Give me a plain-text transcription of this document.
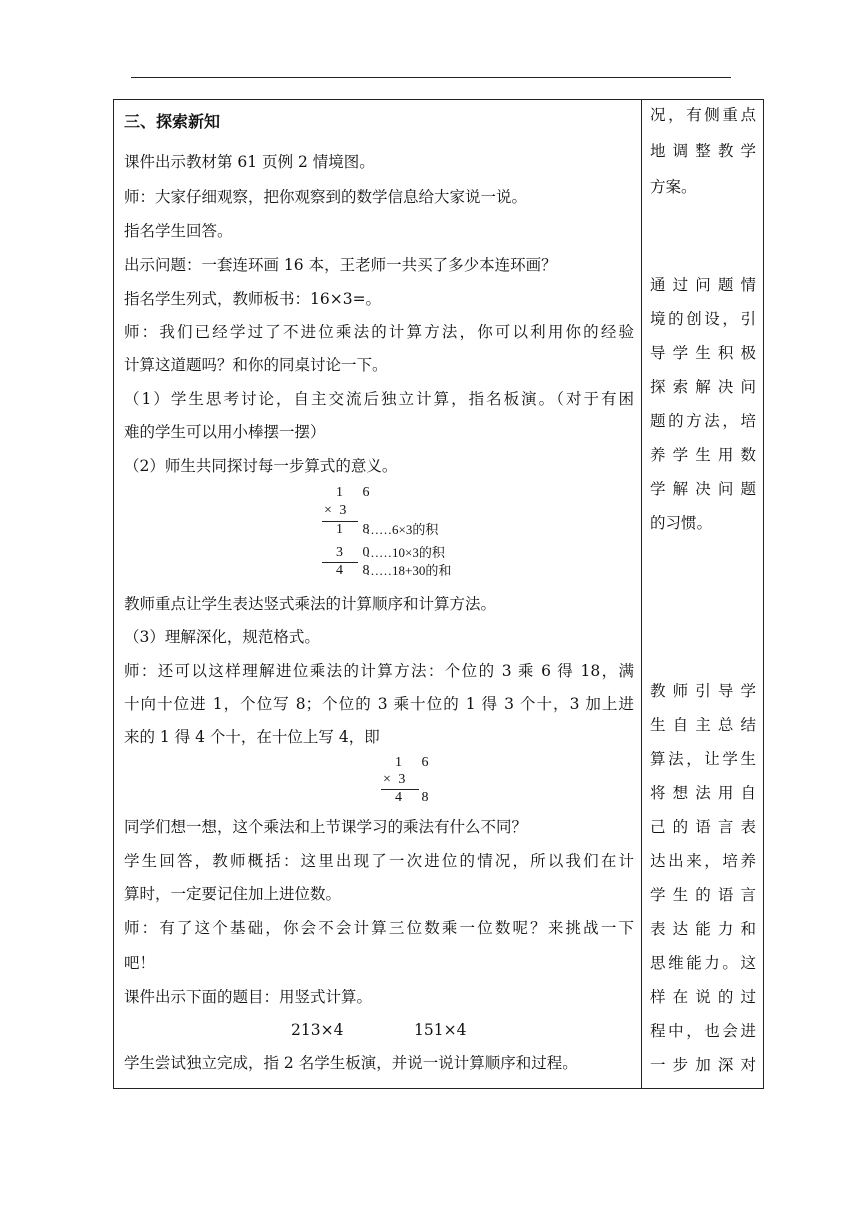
三、探索新知
课件出示教材第 61 页例 2 情境图。
师：大家仔细观察，把你观察到的数学信息给大家说一说。
指名学生回答。
出示问题：一套连环画 16 本，王老师一共买了多少本连环画？
指名学生列式，教师板书：16×3=。
师：我们已经学过了不进位乘法的计算方法，你可以利用你的经验
计算这道题吗？和你的同桌讨论一下。
（1）学生思考讨论，自主交流后独立计算，指名板演。（对于有困
难的学生可以用小棒摆一摆）
（2）师生共同探讨每一步算式的意义。
1 6
× 3
1 8
……6×3的积
3 0
……10×3的积
4 8
……18+30的和
教师重点让学生表达竖式乘法的计算顺序和计算方法。
（3）理解深化，规范格式。
师：还可以这样理解进位乘法的计算方法：个位的 3 乘 6 得 18，满
十向十位进 1，个位写 8；个位的 3 乘十位的 1 得 3 个十，3 加上进
来的 1 得 4 个十，在十位上写 4，即
1 6
× 3
4 8
同学们想一想，这个乘法和上节课学习的乘法有什么不同？
学生回答，教师概括：这里出现了一次进位的情况，所以我们在计
算时，一定要记住加上进位数。
师：有了这个基础，你会不会计算三位数乘一位数呢？来挑战一下
吧！
课件出示下面的题目：用竖式计算。
213×4	151×4
学生尝试独立完成，指 2 名学生板演，并说一说计算顺序和过程。
况，有侧重点
地调整教学
方案。
通过问题情
境的创设，引
导学生积极
探索解决问
题的方法，培
养学生用数
学解决问题
的习惯。
教师引导学
生自主总结
算法，让学生
将想法用自
己的语言表
达出来，培养
学生的语言
表达能力和
思维能力。这
样在说的过
程中，也会进
一步加深对
